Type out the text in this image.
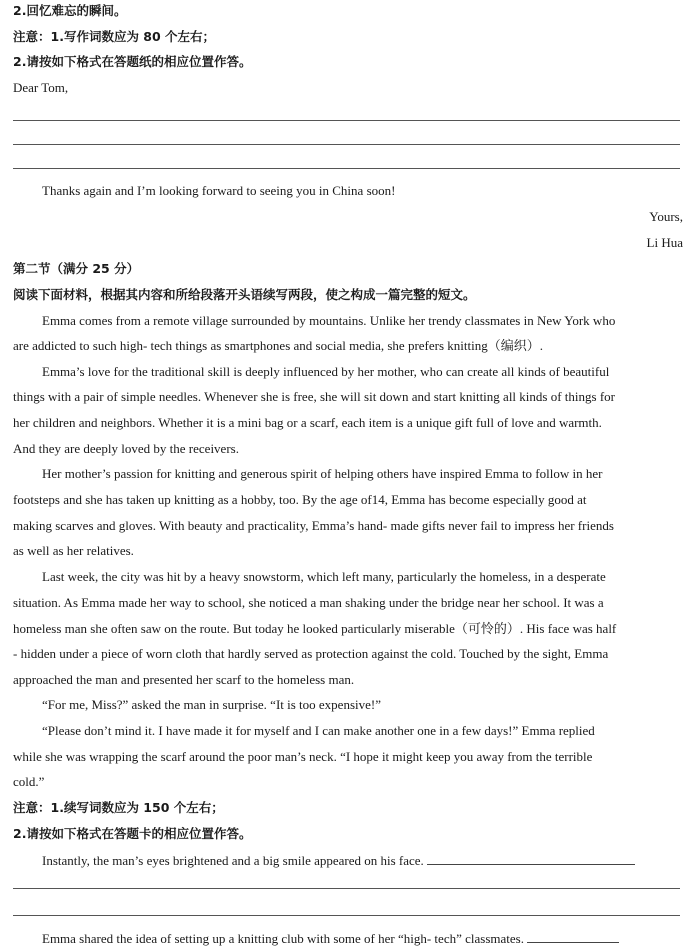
2.回忆难忘的瞬间。
注意：1.写作词数应为 80 个左右；
2.请按如下格式在答题纸的相应位置作答。
Dear Tom,
Thanks again and I’m looking forward to seeing you in China soon!
Yours,
Li Hua
第二节（满分 25 分）
阅读下面材料，根据其内容和所给段落开头语续写两段，使之构成一篇完整的短文。
Emma comes from a remote village surrounded by mountains. Unlike her trendy classmates in New York who
are addicted to such high- tech things as smartphones and social media, she prefers knitting（编织）.
Emma’s love for the traditional skill is deeply influenced by her mother, who can create all kinds of beautiful
things with a pair of simple needles. Whenever she is free, she will sit down and start knitting all kinds of things for
her children and neighbors. Whether it is a mini bag or a scarf, each item is a unique gift full of love and warmth.
And they are deeply loved by the receivers.
Her mother’s passion for knitting and generous spirit of helping others have inspired Emma to follow in her
footsteps and she has taken up knitting as a hobby, too. By the age of14, Emma has become especially good at
making scarves and gloves. With beauty and practicality, Emma’s hand- made gifts never fail to impress her friends
as well as her relatives.
Last week, the city was hit by a heavy snowstorm, which left many, particularly the homeless, in a desperate
situation. As Emma made her way to school, she noticed a man shaking under the bridge near her school. It was a
homeless man she often saw on the route. But today he looked particularly miserable（可怜的）. His face was half
- hidden under a piece of worn cloth that hardly served as protection against the cold. Touched by the sight, Emma
approached the man and presented her scarf to the homeless man.
“For me, Miss?” asked the man in surprise. “It is too expensive!”
“Please don’t mind it. I have made it for myself and I can make another one in a few days!” Emma replied
while she was wrapping the scarf around the poor man’s neck. “I hope it might keep you away from the terrible
cold.”
注意：1.续写词数应为 150 个左右；
2.请按如下格式在答题卡的相应位置作答。
Instantly, the man’s eyes brightened and a big smile appeared on his face.
Emma shared the idea of setting up a knitting club with some of her “high- tech” classmates.
